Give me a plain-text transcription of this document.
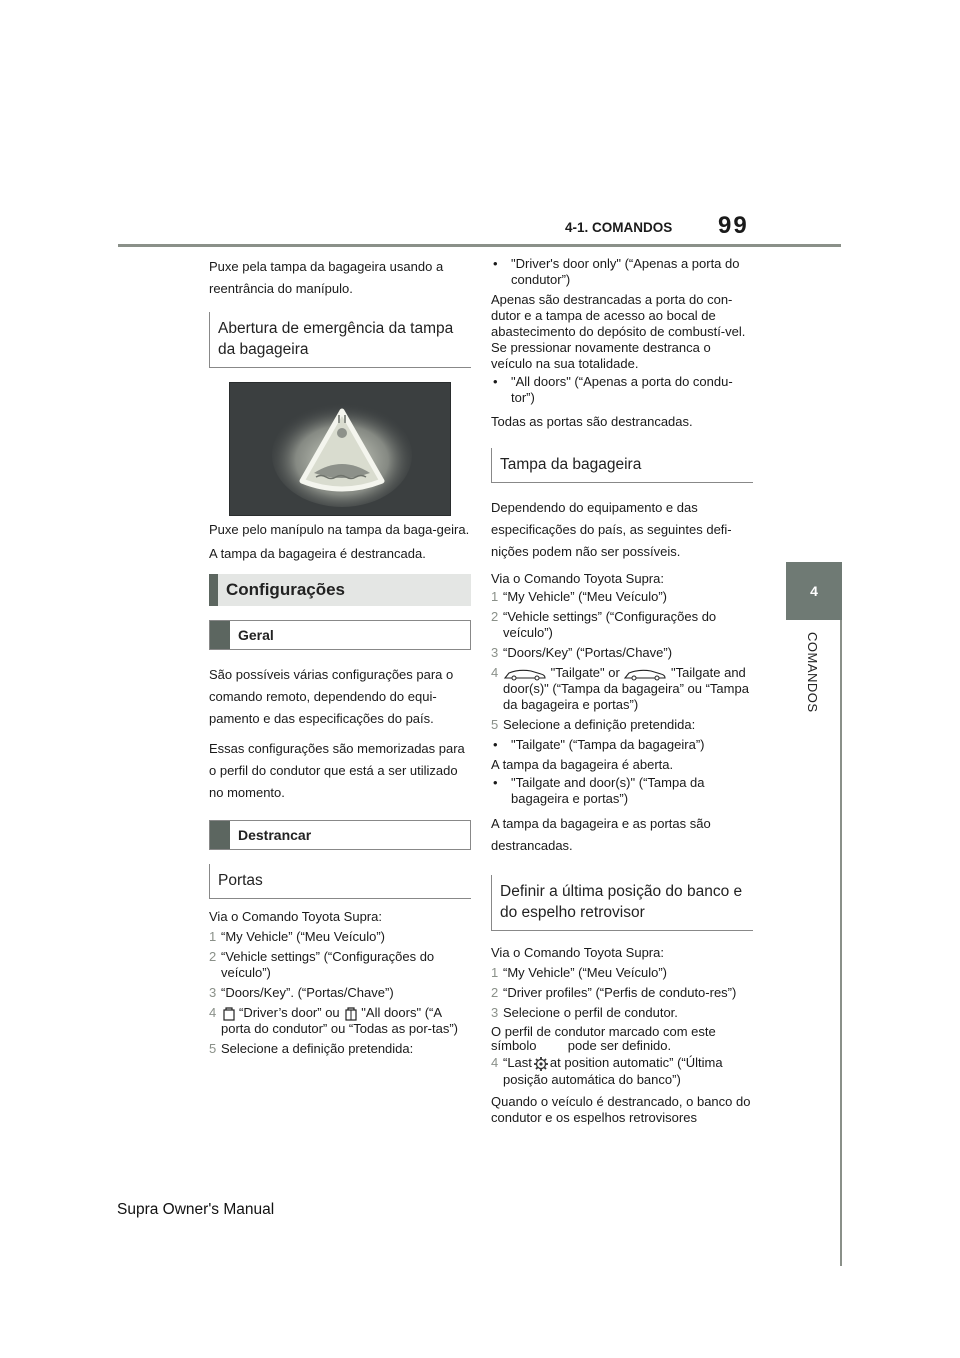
4-1. COMANDOS 99
4
COMANDOS

Puxe pela tampa da bagageira usando a reentrância do manípulo.

Abertura de emergência da tampa da bagageira

Puxe pelo manípulo na tampa da baga-geira.

A tampa da bagageira é destrancada.

Configurações
Geral

São possíveis várias configurações para o comando remoto, dependendo do equi-pamento e das especificações do país.

Essas configurações são memorizadas para o perfil do condutor que está a ser utilizado no momento.

Destrancar
Portas

Via o Comando Toyota Supra:

1 “My Vehicle” (“Meu Veículo”)
2 “Vehicle settings” (“Configurações do veículo”)
3 “Doors/Key”. (“Portas/Chave”)
4	“Driver’s door” ou "All doors" (“A porta do condutor” ou “Todas as por-tas”)
5 Selecione a definição pretendida:
•	"Driver's door only" (“Apenas a porta do condutor”)

Apenas são destrancadas a porta do con-dutor e a tampa de acesso ao bocal de abastecimento do depósito de combustí-vel. Se pressionar novamente destranca o veículo na sua totalidade.

•	"All doors" (“Apenas a porta do condu-tor”)

Todas as portas são destrancadas.

Tampa da bagageira

Dependendo do equipamento e das especificações do país, as seguintes defi-nições podem não ser possíveis.

Via o Comando Toyota Supra:

1 “My Vehicle” (“Meu Veículo”)
2 “Vehicle settings” (“Configurações do veículo”)
3 “Doors/Key” (“Portas/Chave”)
4	"Tailgate" or	"Tailgate and door(s)" (“Tampa da bagageira” ou “Tampa da bagageira e portas”)
5 Selecione a definição pretendida:
•	"Tailgate" (“Tampa da bagageira”)

A tampa da bagageira é aberta.

•	"Tailgate and door(s)" (“Tampa da bagageira e portas”)

A tampa da bagageira e as portas são destrancadas.

Definir a última posição do banco e do espelho retrovisor

Via o Comando Toyota Supra:

1 “My Vehicle” (“Meu Veículo”)
2 “Driver profiles” (“Perfis de conduto-res”)
3 Selecione o perfil de condutor.

O perfil de condutor marcado com este símbolo pode ser definido.

4 “Last at position automatic” (“Última posição automática do banco”)

Quando o veículo é destrancado, o banco do condutor e os espelhos retrovisores

Supra Owner's Manual
